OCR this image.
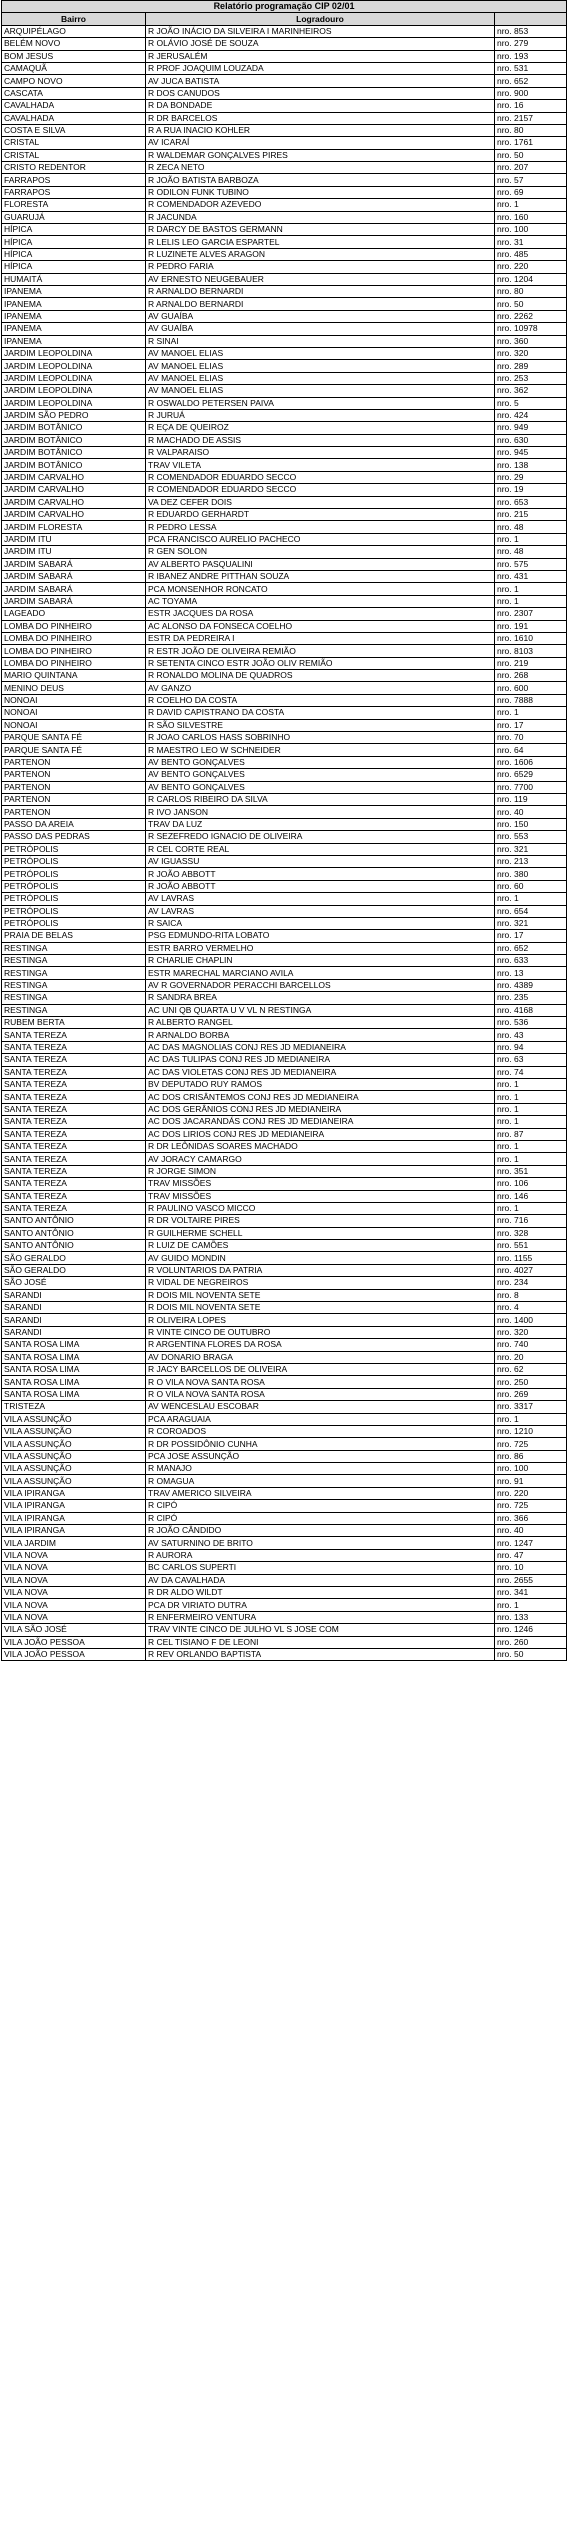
Relatório programação CIP 02/01		
Bairro	Logradouro	
ARQUIPÉLAGO	R JOÃO INÁCIO DA SILVEIRA I MARINHEIROS	nro. 853
BELÉM NOVO	R OLÁVIO JOSÉ DE SOUZA	nro. 279
BOM JESUS	R JERUSALÉM	nro. 193
CAMAQUÃ	R PROF JOAQUIM LOUZADA	nro. 531
CAMPO NOVO	AV JUCA BATISTA	nro. 652
CASCATA	R DOS CANUDOS	nro. 900
CAVALHADA	R DA BONDADE	nro. 16
CAVALHADA	R DR BARCELOS	nro. 2157
COSTA E SILVA	R A RUA INACIO KOHLER	nro. 80
CRISTAL	AV ICARAÍ	nro. 1761
CRISTAL	R WALDEMAR GONÇALVES PIRES	nro. 50
CRISTO REDENTOR	R ZECA NETO	nro. 207
FARRAPOS	R JOÃO BATISTA BARBOZA	nro. 57
FARRAPOS	R ODILON FUNK TUBINO	nro. 69
FLORESTA	R COMENDADOR AZEVEDO	nro. 1
GUARUJÁ	R JACUNDA	nro. 160
HÍPICA	R DARCY DE BASTOS GERMANN	nro. 100
HÍPICA	R LELIS LEO GARCIA ESPARTEL	nro. 31
HÍPICA	R LUZINETE ALVES ARAGON	nro. 485
HÍPICA	R PEDRO FARIA	nro. 220
HUMAITÁ	AV ERNESTO NEUGEBAUER	nro. 1204
IPANEMA	R ARNALDO BERNARDI	nro. 80
IPANEMA	R ARNALDO BERNARDI	nro. 50
IPANEMA	AV GUAÍBA	nro. 2262
IPANEMA	AV GUAÍBA	nro. 10978
IPANEMA	R SINAI	nro. 360
JARDIM LEOPOLDINA	AV MANOEL ELIAS	nro. 320
JARDIM LEOPOLDINA	AV MANOEL ELIAS	nro. 289
JARDIM LEOPOLDINA	AV MANOEL ELIAS	nro. 253
JARDIM LEOPOLDINA	AV MANOEL ELIAS	nro. 362
JARDIM LEOPOLDINA	R OSWALDO PETERSEN PAIVA	nro. 5
JARDIM SÃO PEDRO	R JURUÁ	nro. 424
JARDIM BOTÂNICO	R EÇA DE QUEIROZ	nro. 949
JARDIM BOTÂNICO	R MACHADO DE ASSIS	nro. 630
JARDIM BOTÂNICO	R VALPARAISO	nro. 945
JARDIM BOTÂNICO	TRAV VILETA	nro. 138
JARDIM CARVALHO	R COMENDADOR EDUARDO SECCO	nro. 29
JARDIM CARVALHO	R COMENDADOR EDUARDO SECCO	nro. 19
JARDIM CARVALHO	VA DEZ CEFER DOIS	nro. 653
JARDIM CARVALHO	R EDUARDO GERHARDT	nro. 215
JARDIM FLORESTA	R PEDRO LESSA	nro. 48
JARDIM ITU	PCA FRANCISCO AURELIO PACHECO	nro. 1
JARDIM ITU	R GEN SOLON	nro. 48
JARDIM SABARÁ	AV ALBERTO PASQUALINI	nro. 575
JARDIM SABARÁ	R IBANEZ ANDRE PITTHAN SOUZA	nro. 431
JARDIM SABARÁ	PCA MONSENHOR RONCATO	nro. 1
JARDIM SABARÁ	AC TOYAMA	nro. 1
LAGEADO	ESTR JACQUES DA ROSA	nro. 2307
LOMBA DO PINHEIRO	AC ALONSO DA FONSECA COELHO	nro. 191
LOMBA DO PINHEIRO	ESTR DA PEDREIRA I	nro. 1610
LOMBA DO PINHEIRO	R ESTR JOÃO DE OLIVEIRA REMIÃO	nro. 8103
LOMBA DO PINHEIRO	R SETENTA CINCO ESTR JOÃO OLIV REMIÃO	nro. 219
MARIO QUINTANA	R RONALDO MOLINA DE QUADROS	nro. 268
MENINO DEUS	AV GANZO	nro. 600
NONOAI	R COELHO DA COSTA	nro. 7888
NONOAI	R DAVID CAPISTRANO DA COSTA	nro. 1
NONOAI	R SÃO SILVESTRE	nro. 17
PARQUE SANTA FÉ	R JOAO CARLOS HASS SOBRINHO	nro. 70
PARQUE SANTA FÉ	R MAESTRO LEO W SCHNEIDER	nro. 64
PARTENON	AV BENTO GONÇALVES	nro. 1606
PARTENON	AV BENTO GONÇALVES	nro. 6529
PARTENON	AV BENTO GONÇALVES	nro. 7700
PARTENON	R CARLOS RIBEIRO DA SILVA	nro. 119
PARTENON	R IVO JANSON	nro. 40
PASSO DA AREIA	TRAV DA LUZ	nro. 150
PASSO DAS PEDRAS	R SEZEFREDO IGNACIO DE OLIVEIRA	nro. 553
PETRÓPOLIS	R CEL CORTE REAL	nro. 321
PETRÓPOLIS	AV IGUASSU	nro. 213
PETRÓPOLIS	R JOÃO ABBOTT	nro. 380
PETRÓPOLIS	R JOÃO ABBOTT	nro. 60
PETRÓPOLIS	AV LAVRAS	nro. 1
PETRÓPOLIS	AV LAVRAS	nro. 654
PETRÓPOLIS	R SAICA	nro. 321
PRAIA DE BELAS	PSG EDMUNDO-RITA LOBATO	nro. 17
RESTINGA	ESTR BARRO VERMELHO	nro. 652
RESTINGA	R CHARLIE CHAPLIN	nro. 633
RESTINGA	ESTR MARECHAL MARCIANO AVILA	nro. 13
RESTINGA	AV R GOVERNADOR PERACCHI BARCELLOS	nro. 4389
RESTINGA	R SANDRA BREA	nro. 235
RESTINGA	AC UNI QB QUARTA U V VL N RESTINGA	nro. 4168
RUBEM BERTA	R ALBERTO RANGEL	nro. 536
SANTA TEREZA	R ARNALDO BORBA	nro. 43
SANTA TEREZA	AC DAS MAGNOLIAS CONJ RES JD MEDIANEIRA	nro. 94
SANTA TEREZA	AC DAS TULIPAS CONJ RES JD MEDIANEIRA	nro. 63
SANTA TEREZA	AC DAS VIOLETAS CONJ RES JD MEDIANEIRA	nro. 74
SANTA TEREZA	BV DEPUTADO RUY RAMOS	nro. 1
SANTA TEREZA	AC DOS CRISÂNTEMOS CONJ RES JD MEDIANEIRA	nro. 1
SANTA TEREZA	AC DOS GERÂNIOS CONJ RES JD MEDIANEIRA	nro. 1
SANTA TEREZA	AC DOS JACARANDÁS CONJ RES JD MEDIANEIRA	nro. 1
SANTA TEREZA	AC DOS LIRIOS CONJ RES JD MEDIANEIRA	nro. 87
SANTA TEREZA	R DR LEÔNIDAS SOARES MACHADO	nro. 1
SANTA TEREZA	AV JORACY CAMARGO	nro. 1
SANTA TEREZA	R JORGE SIMON	nro. 351
SANTA TEREZA	TRAV MISSÕES	nro. 106
SANTA TEREZA	TRAV MISSÕES	nro. 146
SANTA TEREZA	R PAULINO VASCO MICCO	nro. 1
SANTO ANTÔNIO	R DR VOLTAIRE PIRES	nro. 716
SANTO ANTÔNIO	R GUILHERME SCHELL	nro. 328
SANTO ANTÔNIO	R LUIZ DE CAMÕES	nro. 551
SÃO GERALDO	AV GUIDO MONDIN	nro. 1155
SÃO GERALDO	R VOLUNTARIOS DA PATRIA	nro. 4027
SÃO JOSÉ	R VIDAL DE NEGREIROS	nro. 234
SARANDI	R DOIS MIL NOVENTA SETE	nro. 8
SARANDI	R DOIS MIL NOVENTA SETE	nro. 4
SARANDI	R OLIVEIRA LOPES	nro. 1400
SARANDI	R VINTE CINCO DE OUTUBRO	nro. 320
SANTA ROSA LIMA	R ARGENTINA FLORES DA ROSA	nro. 740
SANTA ROSA LIMA	AV DONARIO BRAGA	nro. 20
SANTA ROSA LIMA	R JACY BARCELLOS DE OLIVEIRA	nro. 62
SANTA ROSA LIMA	R O VILA NOVA SANTA ROSA	nro. 250
SANTA ROSA LIMA	R O VILA NOVA SANTA ROSA	nro. 269
TRISTEZA	AV WENCESLAU ESCOBAR	nro. 3317
VILA ASSUNÇÃO	PCA ARAGUAIA	nro. 1
VILA ASSUNÇÃO	R COROADOS	nro. 1210
VILA ASSUNÇÃO	R DR POSSIDÔNIO CUNHA	nro. 725
VILA ASSUNÇÃO	PCA JOSE ASSUNÇÃO	nro. 86
VILA ASSUNÇÃO	R MANAJO	nro. 100
VILA ASSUNÇÃO	R OMAGUA	nro. 91
VILA IPIRANGA	TRAV AMERICO SILVEIRA	nro. 220
VILA IPIRANGA	R CIPÓ	nro. 725
VILA IPIRANGA	R CIPÓ	nro. 366
VILA IPIRANGA	R JOÃO CÂNDIDO	nro. 40
VILA JARDIM	AV SATURNINO DE BRITO	nro. 1247
VILA NOVA	R AURORA	nro. 47
VILA NOVA	BC CARLOS SUPERTI	nro. 10
VILA NOVA	AV DA CAVALHADA	nro. 2655
VILA NOVA	R DR ALDO WILDT	nro. 341
VILA NOVA	PCA DR VIRIATO DUTRA	nro. 1
VILA NOVA	R ENFERMEIRO VENTURA	nro. 133
VILA SÃO JOSÉ	TRAV VINTE CINCO DE JULHO VL S JOSE COM	nro. 1246
VILA JOÃO PESSOA	R CEL TISIANO F DE LEONI	nro. 260
VILA JOÃO PESSOA	R REV ORLANDO BAPTISTA	nro. 50
